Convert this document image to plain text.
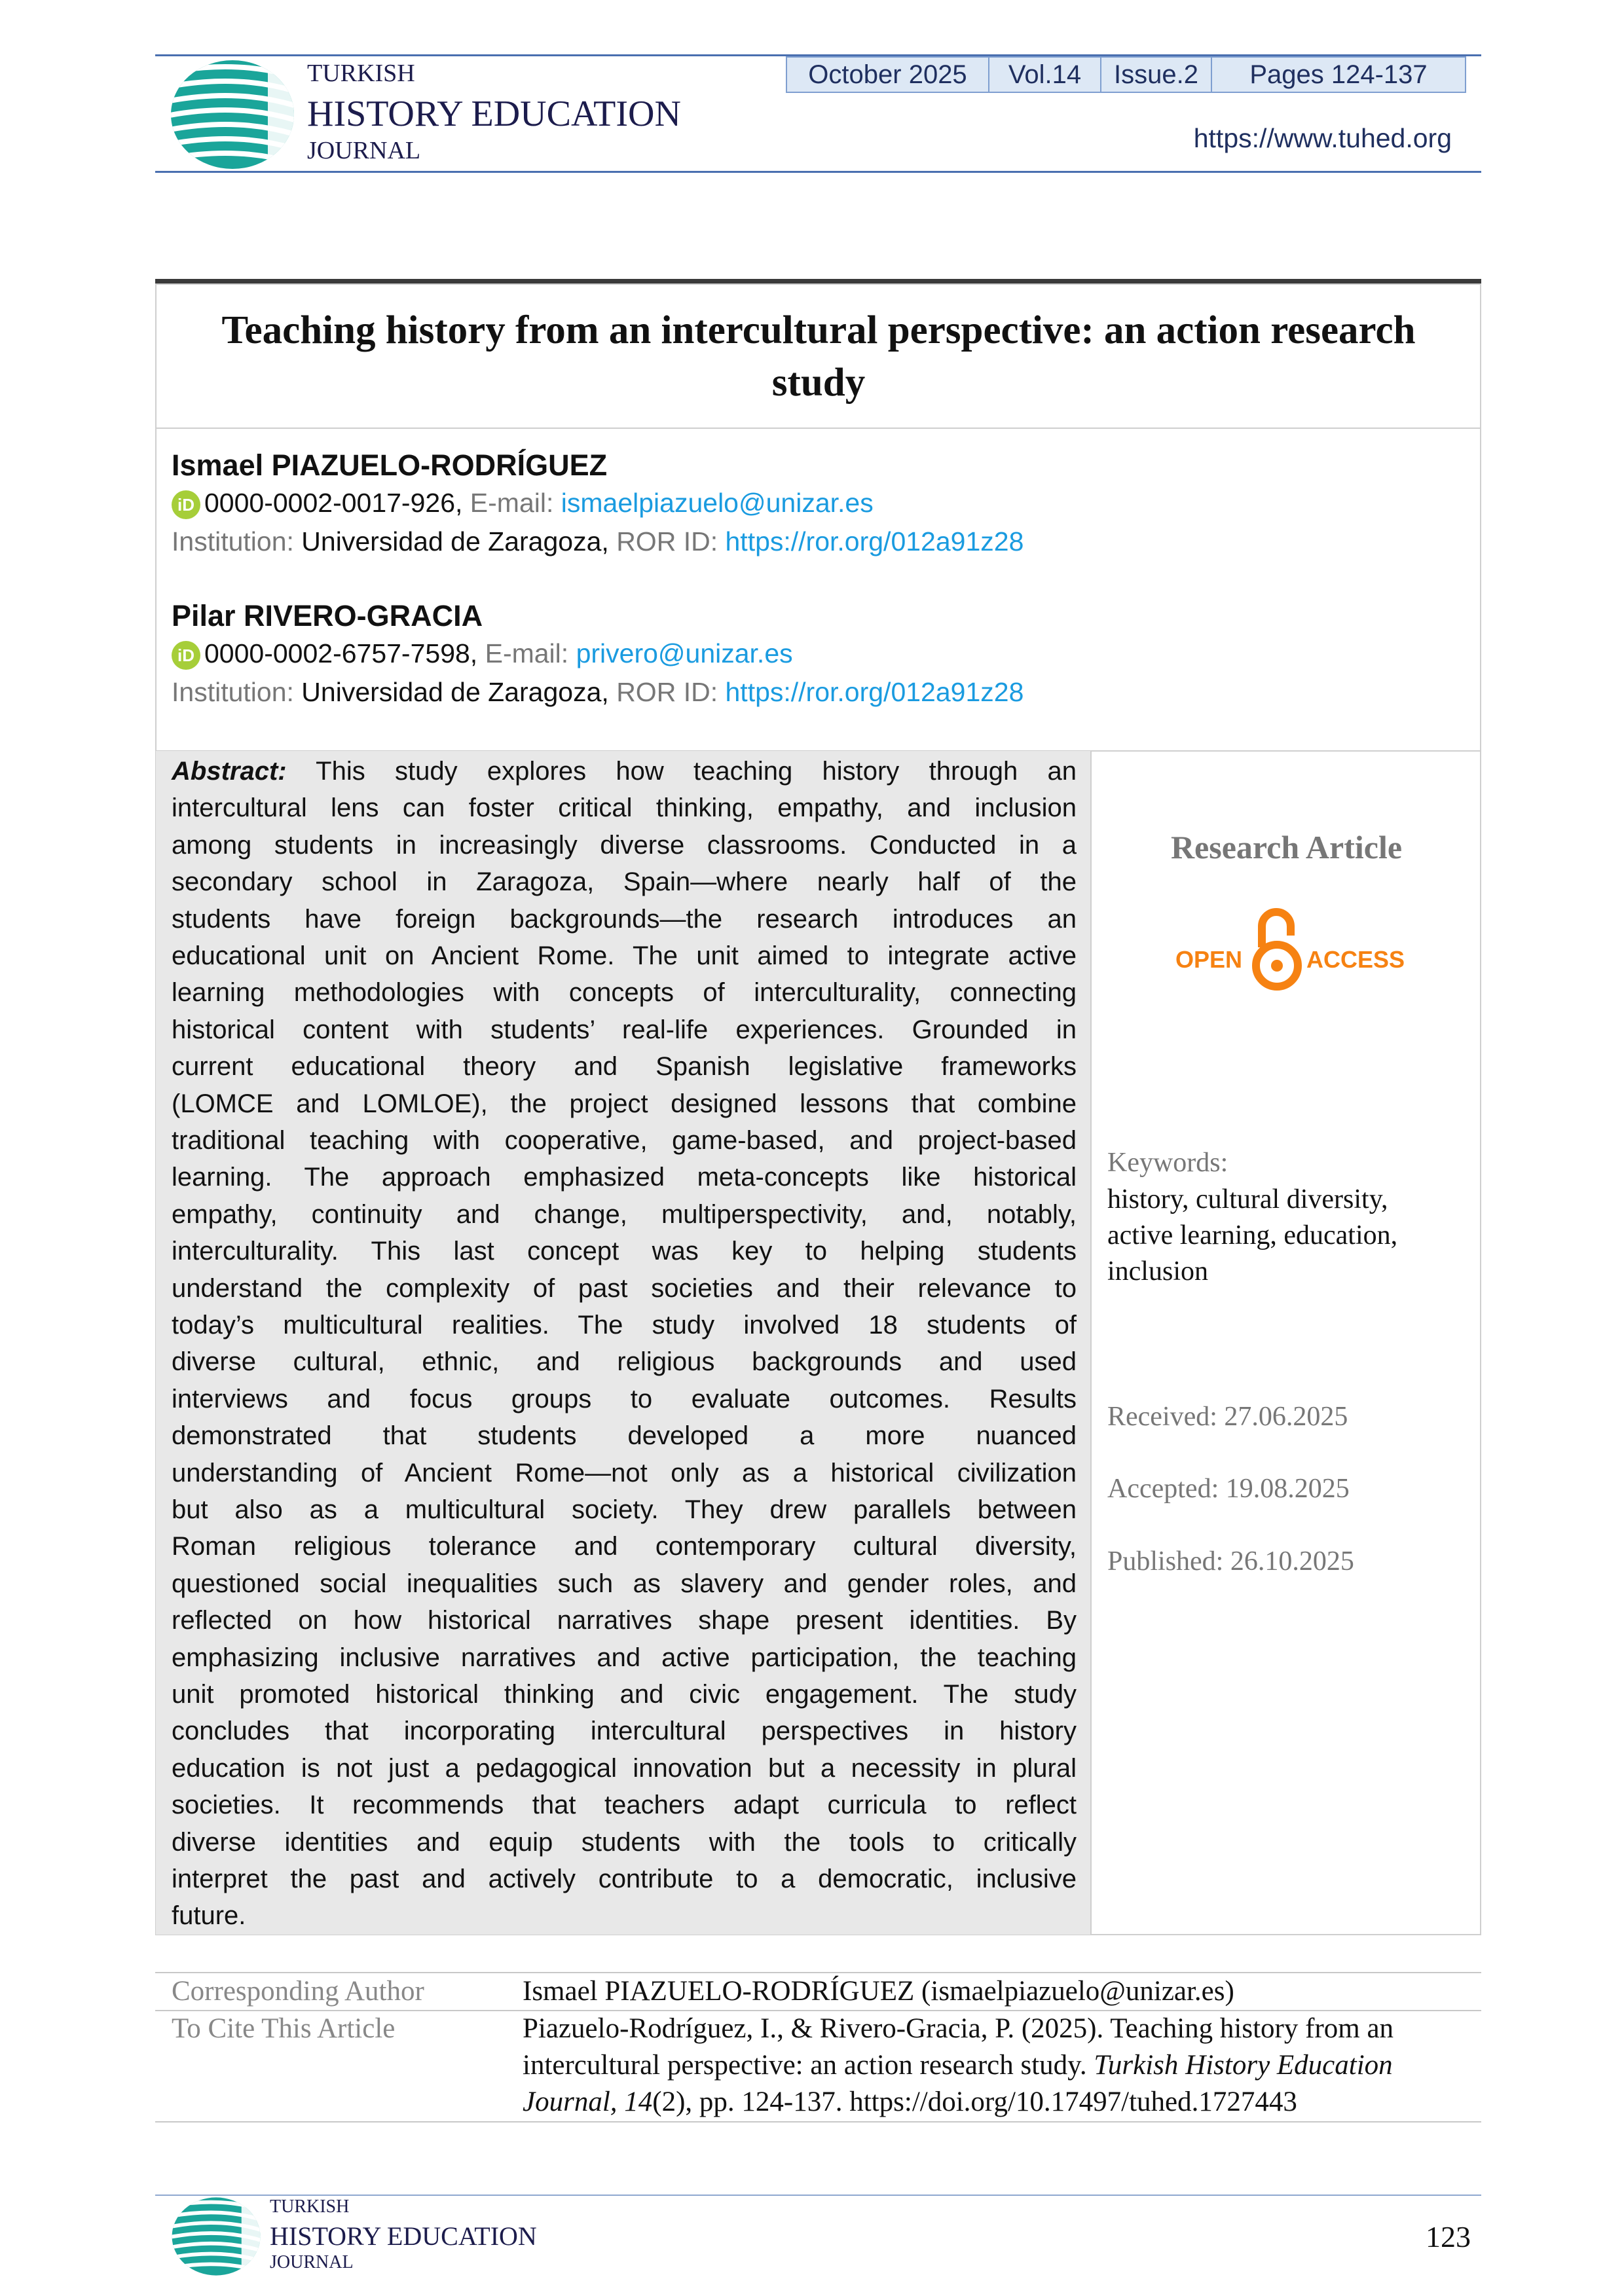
TURKISH
HISTORY EDUCATION
JOURNAL
October 2025	Vol.14	Issue.2	Pages 124-137
https://www.tuhed.org
Teaching history from an intercultural perspective: an action research
study
Ismael PIAZUELO-RODRÍGUEZ
iD 0000-0002-0017-926, E-mail: ismaelpiazuelo@unizar.es
Institution: Universidad de Zaragoza, ROR ID: https://ror.org/012a91z28
Pilar RIVERO-GRACIA
iD 0000-0002-6757-7598, E-mail: privero@unizar.es
Institution: Universidad de Zaragoza, ROR ID: https://ror.org/012a91z28
Abstract: This study explores how teaching history through an
intercultural lens can foster critical thinking, empathy, and inclusion
among students in increasingly diverse classrooms. Conducted in a
secondary school in Zaragoza, Spain—where nearly half of the
students have foreign backgrounds—the research introduces an
educational unit on Ancient Rome. The unit aimed to integrate active
learning methodologies with concepts of interculturality, connecting
historical content with students’ real-life experiences. Grounded in
current educational theory and Spanish legislative frameworks
(LOMCE and LOMLOE), the project designed lessons that combine
traditional teaching with cooperative, game-based, and project-based
learning. The approach emphasized meta-concepts like historical
empathy, continuity and change, multiperspectivity, and, notably,
interculturality. This last concept was key to helping students
understand the complexity of past societies and their relevance to
today’s multicultural realities. The study involved 18 students of
diverse cultural, ethnic, and religious backgrounds and used
interviews and focus groups to evaluate outcomes. Results
demonstrated that students developed a more nuanced
understanding of Ancient Rome—not only as a historical civilization
but also as a multicultural society. They drew parallels between
Roman religious tolerance and contemporary cultural diversity,
questioned social inequalities such as slavery and gender roles, and
reflected on how historical narratives shape present identities. By
emphasizing inclusive narratives and active participation, the teaching
unit promoted historical thinking and civic engagement. The study
concludes that incorporating intercultural perspectives in history
education is not just a pedagogical innovation but a necessity in plural
societies. It recommends that teachers adapt curricula to reflect
diverse identities and equip students with the tools to critically
interpret the past and actively contribute to a democratic, inclusive
future.
Research Article
OPEN	ACCESS
Keywords:
history, cultural diversity,
active learning, education,
inclusion
Received: 27.06.2025
Accepted: 19.08.2025
Published: 26.10.2025
Corresponding Author	Ismael PIAZUELO-RODRÍGUEZ (ismaelpiazuelo@unizar.es)
To Cite This Article	Piazuelo-Rodríguez, I., & Rivero-Gracia, P. (2025). Teaching history from an
intercultural perspective: an action research study. Turkish History Education
Journal, 14(2), pp. 124-137. https://doi.org/10.17497/tuhed.1727443
TURKISH
HISTORY EDUCATION
JOURNAL
123
